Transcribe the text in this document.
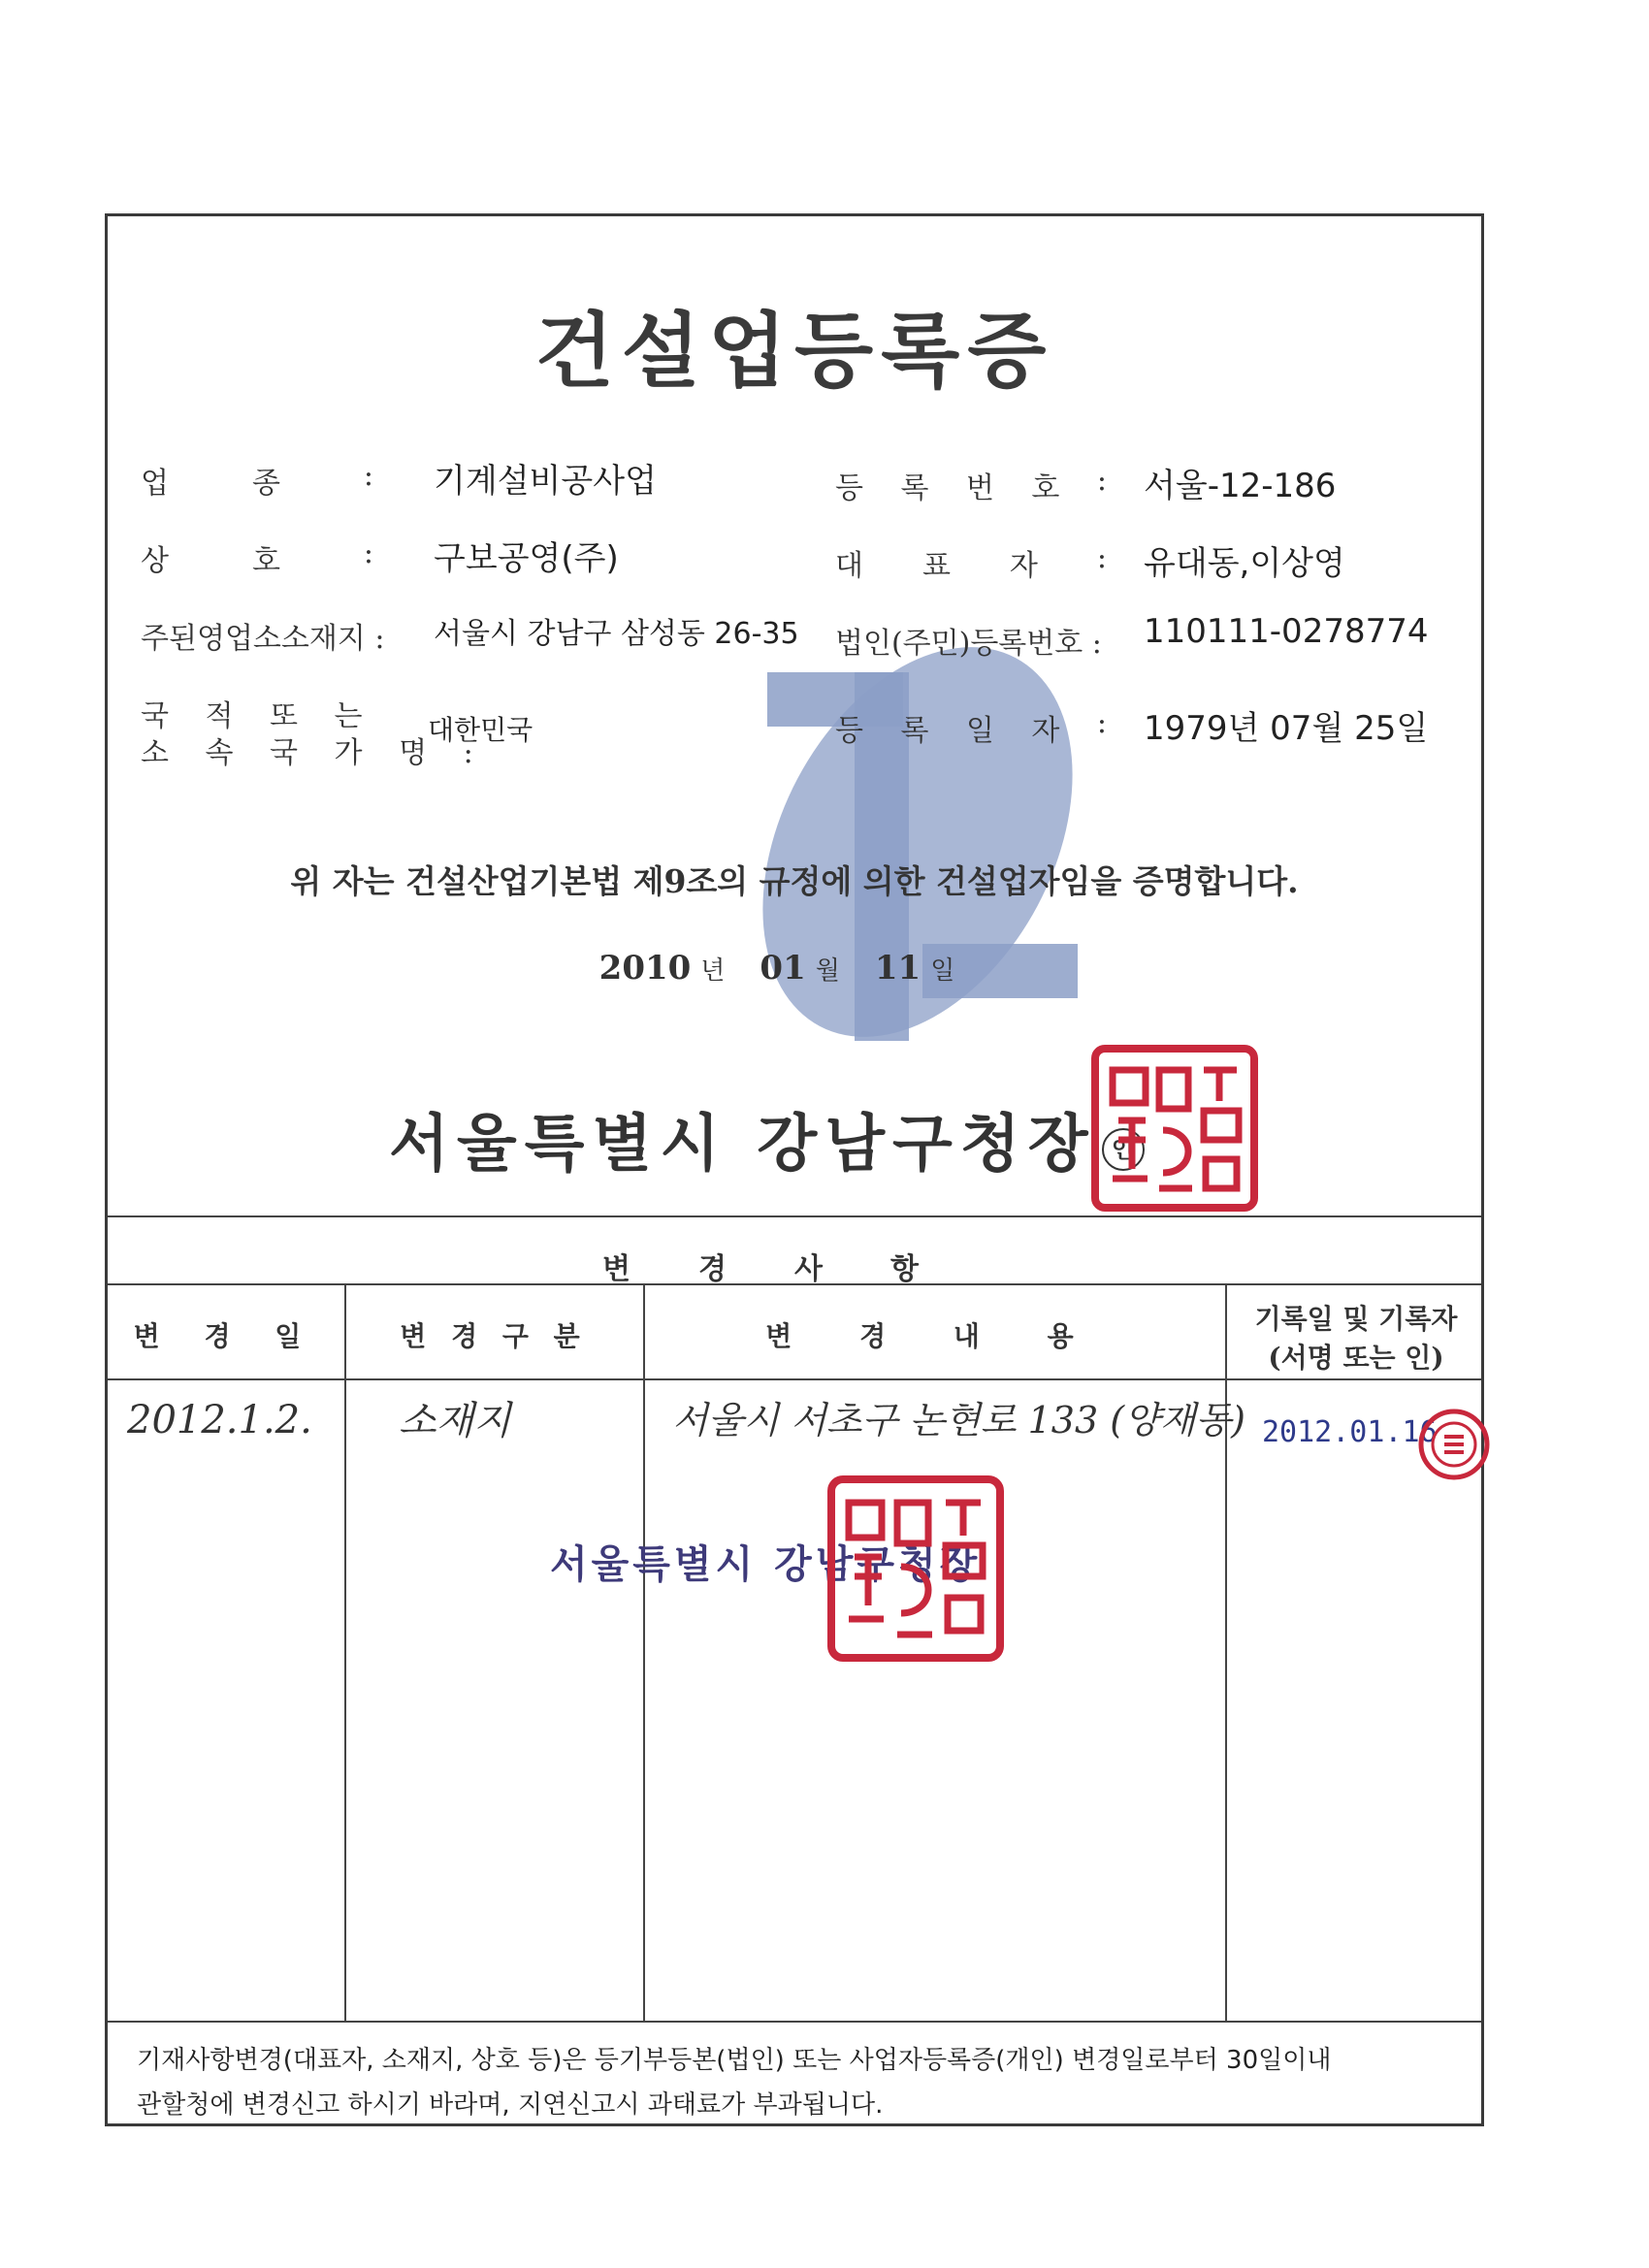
건설업등록증
업	종	: 기계설비공사업
상	호	: 구보공영(주)
주된영업소소재지 : 서울시 강남구 삼성동 26-35
국 적 또 는
소 속 국 가 명 :
대한민국
등 록 번 호 : 서울-12-186
대 표 자 : 유대동,이상영
법인(주민)등록번호 : 110111-0278774
등 록 일 자 : 1979년 07월 25일
위 자는 건설산업기본법 제9조의 규정에 의한 건설업자임을 증명합니다.
2010 년 01 월 11 일
서울특별시 강남구청장 인
변경사항
변 경 일	변 경 구 분	변 경 내 용
기록일 및 기록자
(서명 또는 인)
2012.1.2. 소재지	서울시 서초구 논현로 133 (양재동)
서울특별시 강남구청장
2012.01.16
기재사항변경(대표자, 소재지, 상호 등)은 등기부등본(법인) 또는 사업자등록증(개인) 변경일로부터 30일이내
관할청에 변경신고 하시기 바라며, 지연신고시 과태료가 부과됩니다.
